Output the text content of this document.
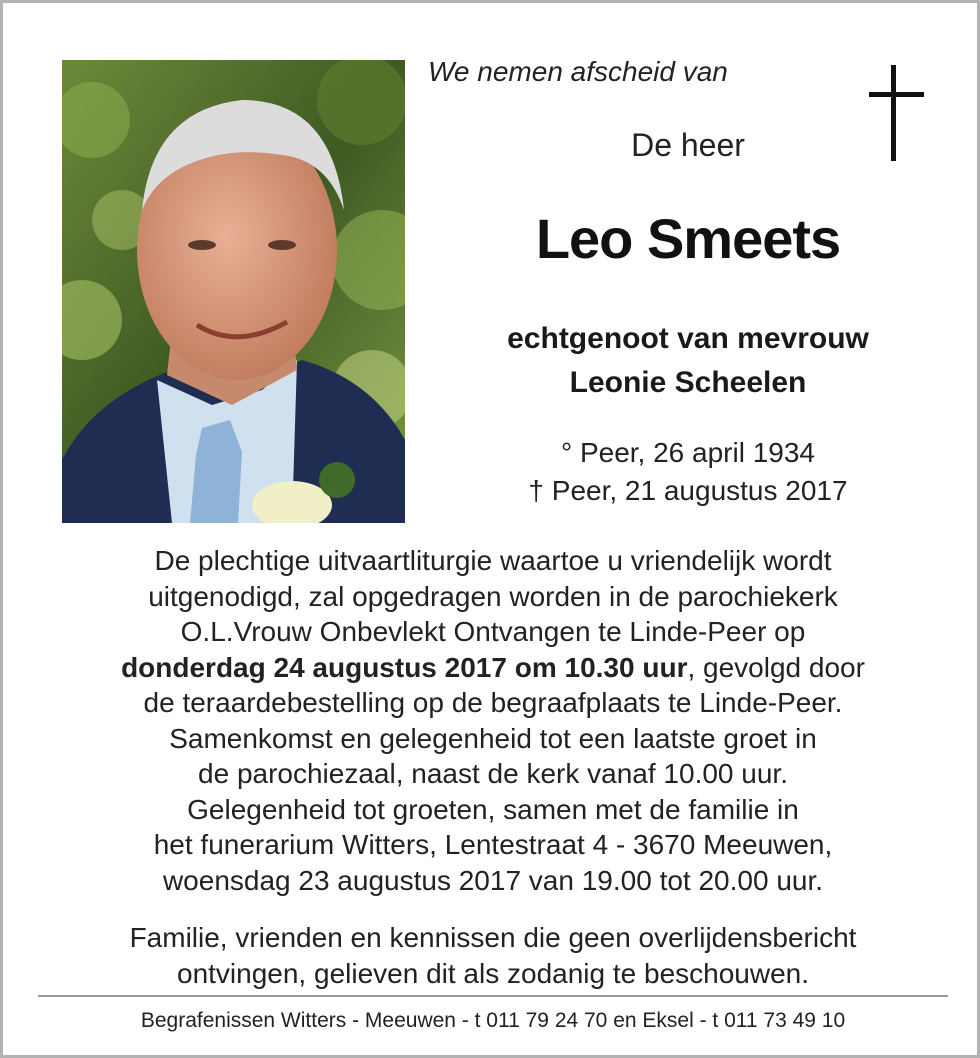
We nemen afscheid van
De heer
Leo Smeets
echtgenoot van mevrouw
Leonie Scheelen
° Peer, 26 april 1934
† Peer, 21 augustus 2017
De plechtige uitvaartliturgie waartoe u vriendelijk wordt
uitgenodigd, zal opgedragen worden in de parochiekerk
O.L.Vrouw Onbevlekt Ontvangen te Linde-Peer op
donderdag 24 augustus 2017 om 10.30 uur, gevolgd door
de teraardebestelling op de begraafplaats te Linde-Peer.
Samenkomst en gelegenheid tot een laatste groet in
de parochiezaal, naast de kerk vanaf 10.00 uur.
Gelegenheid tot groeten, samen met de familie in
het funerarium Witters, Lentestraat 4 - 3670 Meeuwen,
woensdag 23 augustus 2017 van 19.00 tot 20.00 uur.
Familie, vrienden en kennissen die geen overlijdensbericht
ontvingen, gelieven dit als zodanig te beschouwen.
Begrafenissen Witters - Meeuwen - t 011 79 24 70 en Eksel - t 011 73 49 10
